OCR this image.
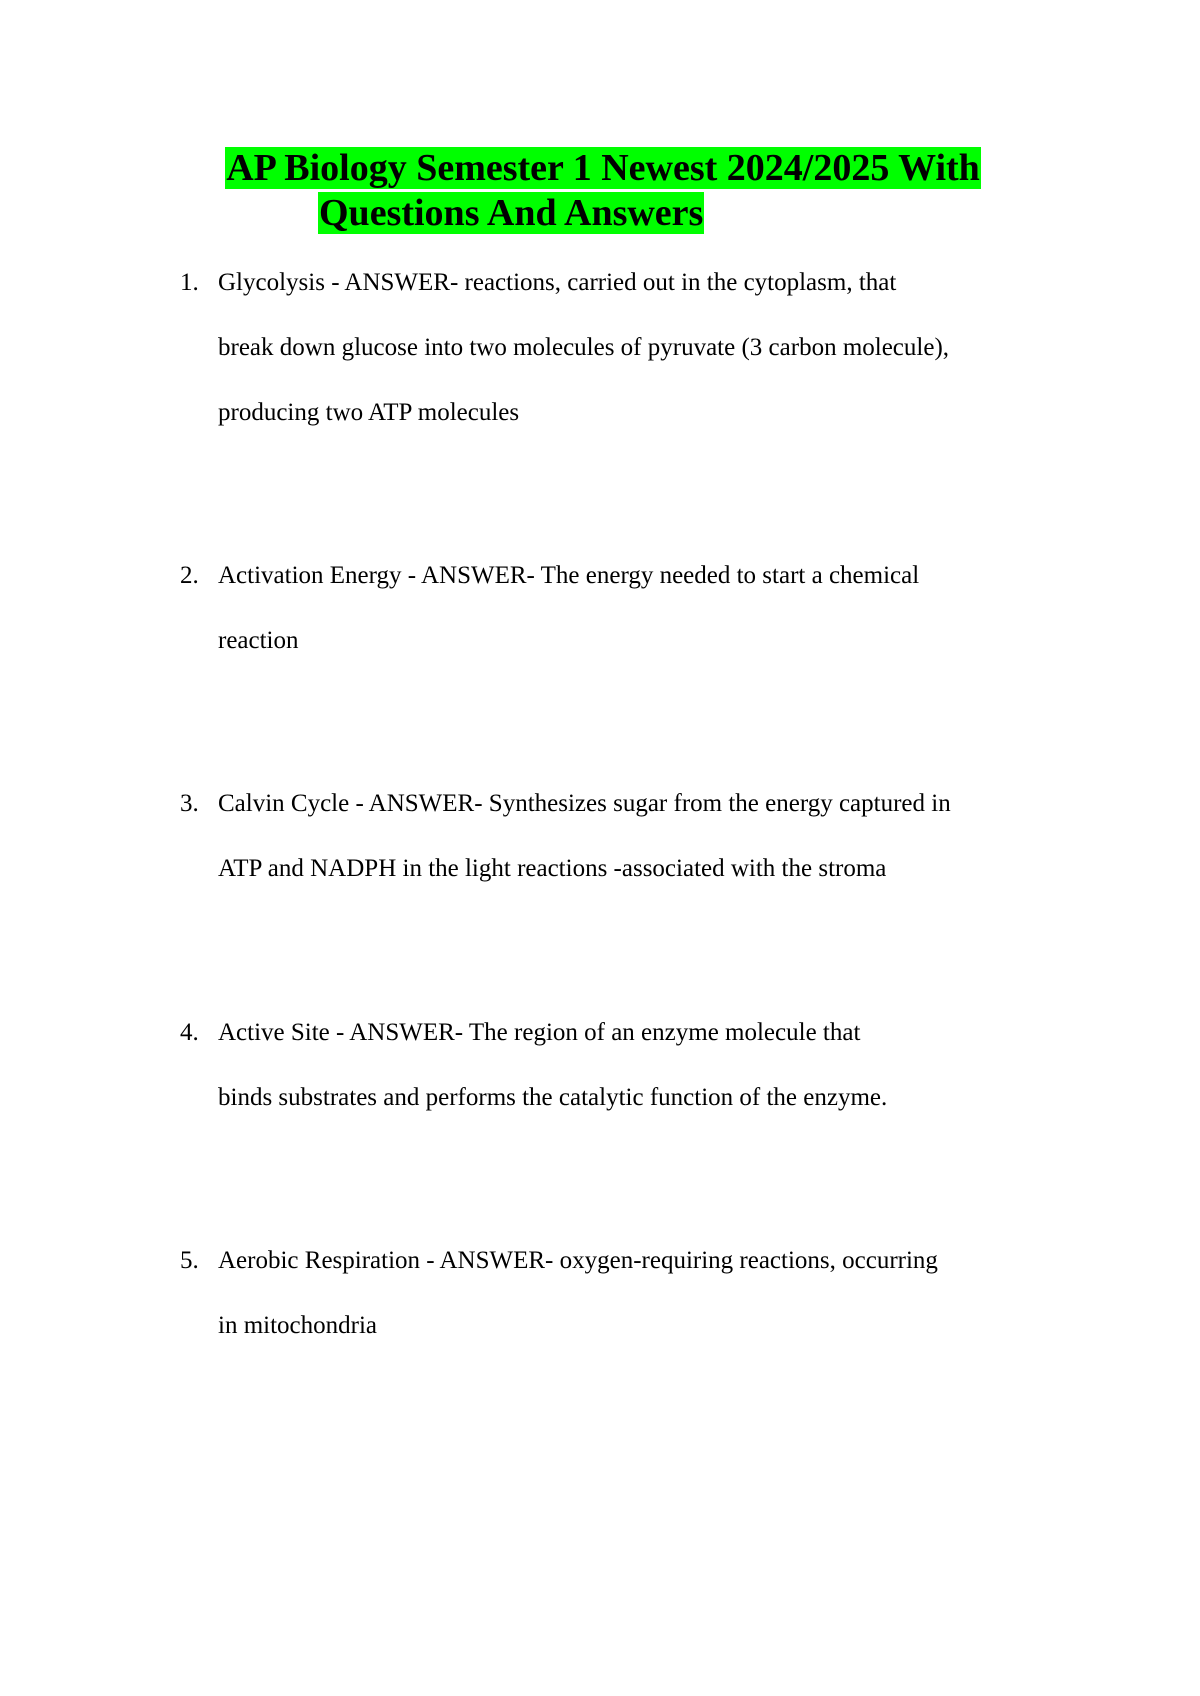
AP Biology Semester 1 Newest 2024/2025 With
Questions And Answers
1. Glycolysis - ANSWER- reactions, carried out in the cytoplasm, that
break down glucose into two molecules of pyruvate (3 carbon molecule),
producing two ATP molecules
2. Activation Energy - ANSWER- The energy needed to start a chemical
reaction
3. Calvin Cycle - ANSWER- Synthesizes sugar from the energy captured in
ATP and NADPH in the light reactions -associated with the stroma
4. Active Site - ANSWER- The region of an enzyme molecule that
binds substrates and performs the catalytic function of the enzyme.
5. Aerobic Respiration - ANSWER- oxygen-requiring reactions, occurring
in mitochondria
